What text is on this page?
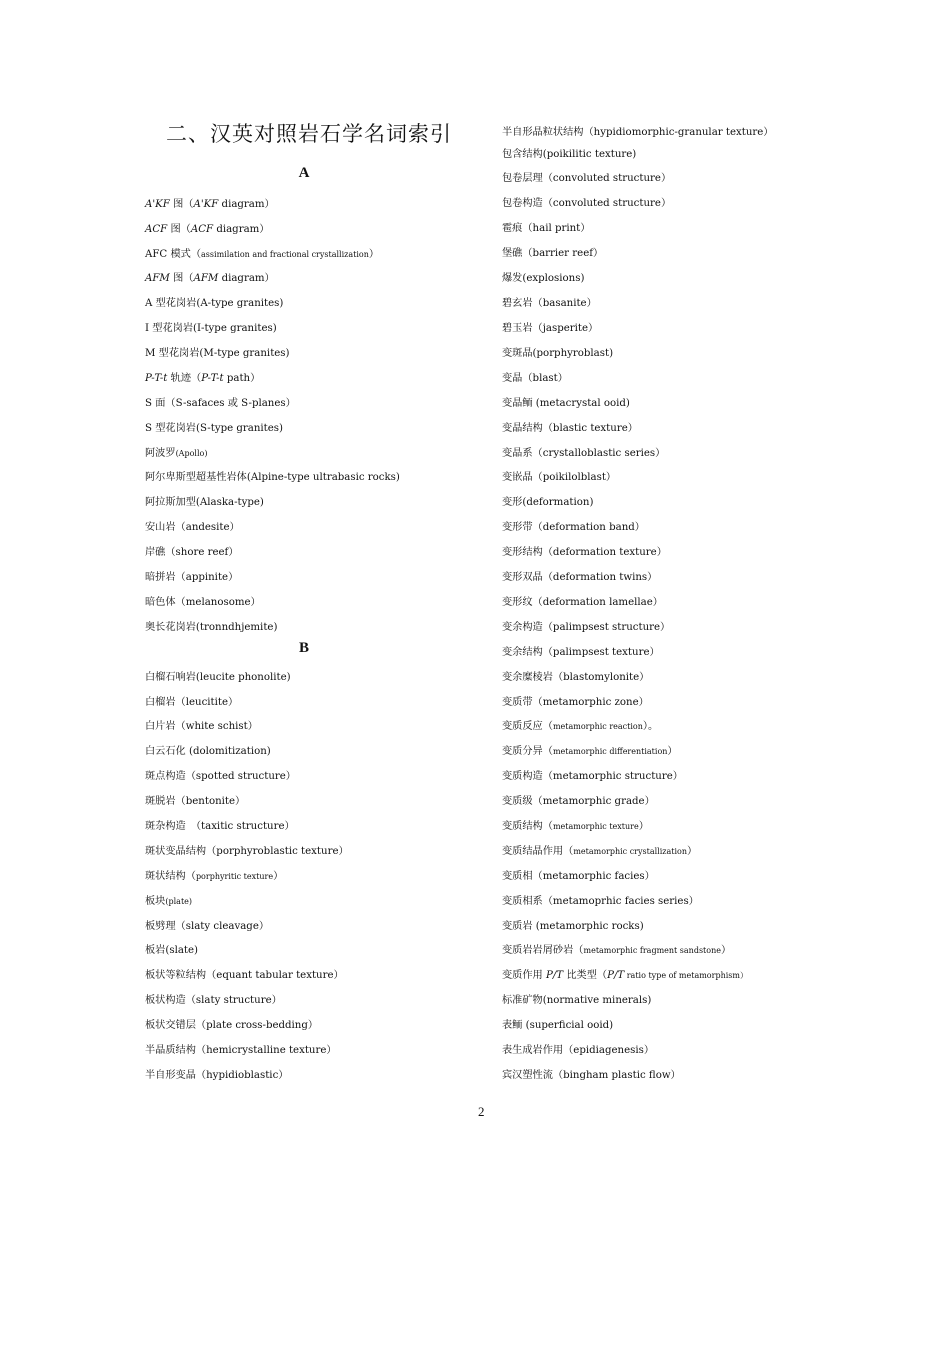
二、汉英对照岩石学名词索引
A
B
A'KF 图（A'KF diagram）
ACF 图（ACF diagram）
AFC 模式（assimilation and fractional crystallization）
AFM 图（AFM diagram）
A 型花岗岩(A-type granites)
I 型花岗岩(I-type granites)
M 型花岗岩(M-type granites)
P-T-t 轨迹（P-T-t path）
S 面（S-safaces 或 S-planes）
S 型花岗岩(S-type granites)
阿波罗(Apollo)
阿尔卑斯型超基性岩体(Alpine-type ultrabasic rocks)
阿拉斯加型(Alaska-type)
安山岩（andesite）
岸礁（shore reef）
暗拼岩（appinite）
暗色体（melanosome）
奥长花岗岩(tronndhjemite)
白榴石响岩(leucite phonolite)
白榴岩（leucitite）
白片岩（white schist）
白云石化 (dolomitization)
斑点构造（spotted structure）
斑脱岩（bentonite）
斑杂构造　（taxitic structure）
斑状变晶结构（porphyroblastic texture）
斑状结构（porphyritic texture）
板块(plate)
板劈理（slaty cleavage）
板岩(slate)
板状等粒结构（equant tabular texture）
板状构造（slaty structure）
板状交错层（plate cross-bedding）
半晶质结构（hemicrystalline texture）
半自形变晶（hypidioblastic）
半自形晶粒状结构（hypidiomorphic-granular texture）
包含结构(poikilitic texture)
包卷层理（convoluted structure）
包卷构造（convoluted structure）
雹痕（hail print）
堡礁（barrier reef）
爆发(explosions)
碧玄岩（basanite）
碧玉岩（jasperite）
变斑晶(porphyroblast)
变晶（blast）
变晶鲕 (metacrystal ooid)
变晶结构（blastic texture）
变晶系（crystalloblastic series）
变嵌晶（poikilolblast）
变形(deformation)
变形带（deformation band）
变形结构（deformation texture）
变形双晶（deformation twins）
变形纹（deformation lamellae）
变余构造（palimpsest structure）
变余结构（palimpsest texture）
变余糜棱岩（blastomylonite）
变质带（metamorphic zone）
变质反应（metamorphic reaction）。
变质分异（metamorphic differentiation）
变质构造（metamorphic structure）
变质级（metamorphic grade）
变质结构（metamorphic texture）
变质结晶作用（metamorphic crystallization）
变质相（metamorphic facies）
变质相系（metamoprhic facies series）
变质岩 (metamorphic rocks)
变质岩岩屑砂岩（metamorphic fragment sandstone）
变质作用 P/T 比类型（P/T ratio type of metamorphism）
标准矿物(normative minerals)
表鲕 (superficial ooid)
表生成岩作用（epidiagenesis）
宾汉塑性流（bingham plastic flow）
2
